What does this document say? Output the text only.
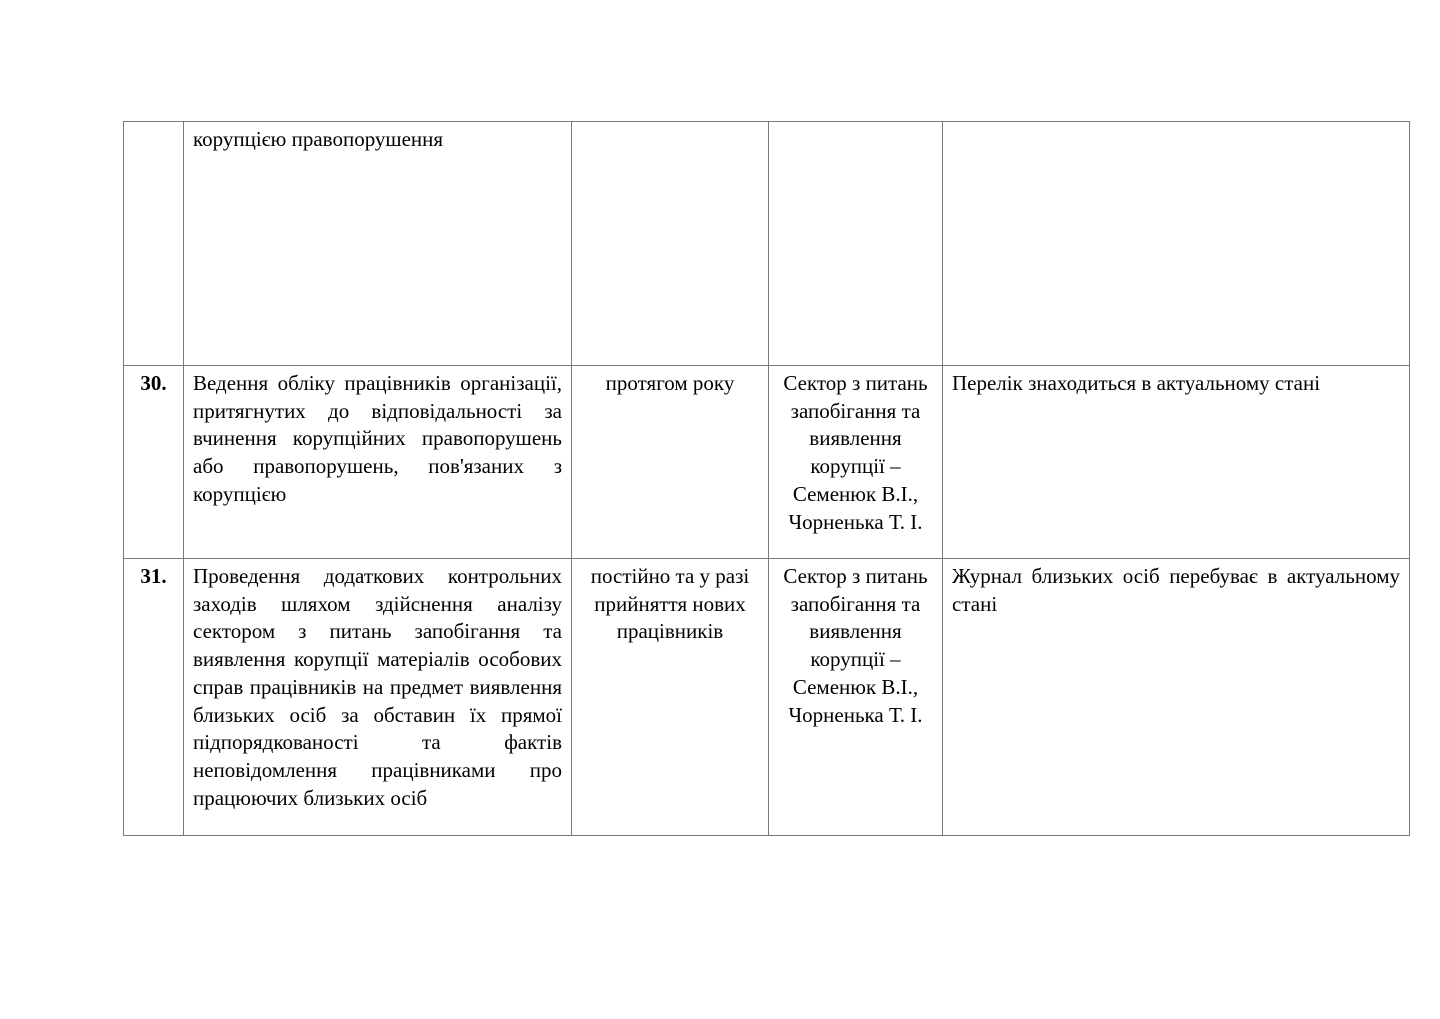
	корупцією правопорушення			
30.	Ведення обліку працівників організації, притягнутих до відповідальності за вчинення корупційних правопорушень або правопорушень, пов'язаних з корупцією	протягом року	Сектор з питань запобігання та виявлення корупції – Семенюк В.І., Чорненька Т. І.	Перелік знаходиться в актуальному стані
31.	Проведення додаткових контрольних заходів шляхом здійснення аналізу сектором з питань запобігання та виявлення корупції матеріалів особових справ працівників на предмет виявлення близьких осіб за обставин їх прямої підпорядкованості та фактів неповідомлення працівниками про працюючих близьких осіб	постійно та у разі прийняття нових працівників	Сектор з питань запобігання та виявлення корупції – Семенюк В.І., Чорненька Т. І.	Журнал близьких осіб перебуває в актуальному стані
